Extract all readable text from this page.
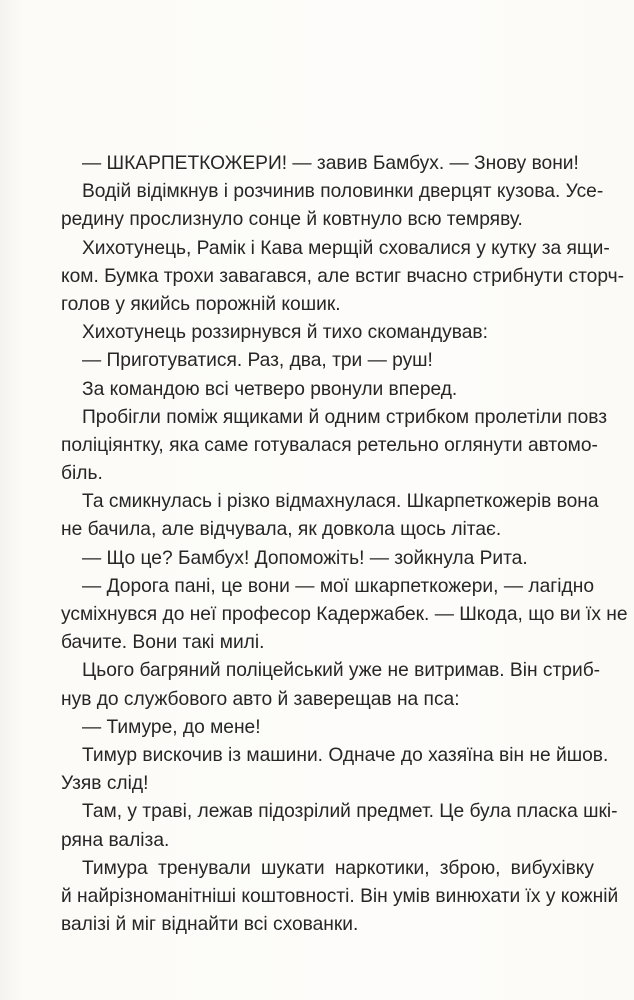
— ШКАРПЕТКОЖЕРИ! — завив Бамбух. — Знову вони!
Водій відімкнув і розчинив половинки дверцят кузова. Усе-
редину прослизнуло сонце й ковтнуло всю темряву.
Хихотунець, Рамік і Кава мерщій сховалися у кутку за ящи-
ком. Бумка трохи завагався, але встиг вчасно стрибнути сторч-
голов у якийсь порожній кошик.
Хихотунець роззирнувся й тихо скомандував:
— Приготуватися. Раз, два, три — руш!
За командою всі четверо рвонули вперед.
Пробігли поміж ящиками й одним стрибком пролетіли повз
поліціянтку, яка саме готувалася ретельно оглянути автомо-
біль.
Та смикнулась і різко відмахнулася. Шкарпеткожерів вона
не бачила, але відчувала, як довкола щось літає.
— Що це? Бамбух! Допоможіть! — зойкнула Рита.
— Дорога пані, це вони — мої шкарпеткожери, — лагідно
усміхнувся до неї професор Кадержабек. — Шкода, що ви їх не
бачите. Вони такі милі.
Цього багряний поліцейський уже не витримав. Він стриб-
нув до службового авто й заверещав на пса:
— Тимуре, до мене!
Тимур вискочив із машини. Одначе до хазяїна він не йшов.
Узяв слід!
Там, у траві, лежав підозрілий предмет. Це була пласка шкі-
ряна валіза.
Тимура тренували шукати наркотики, зброю, вибухівку
й найрізноманітніші коштовності. Він умів винюхати їх у кожній
валізі й міг віднайти всі схованки.
